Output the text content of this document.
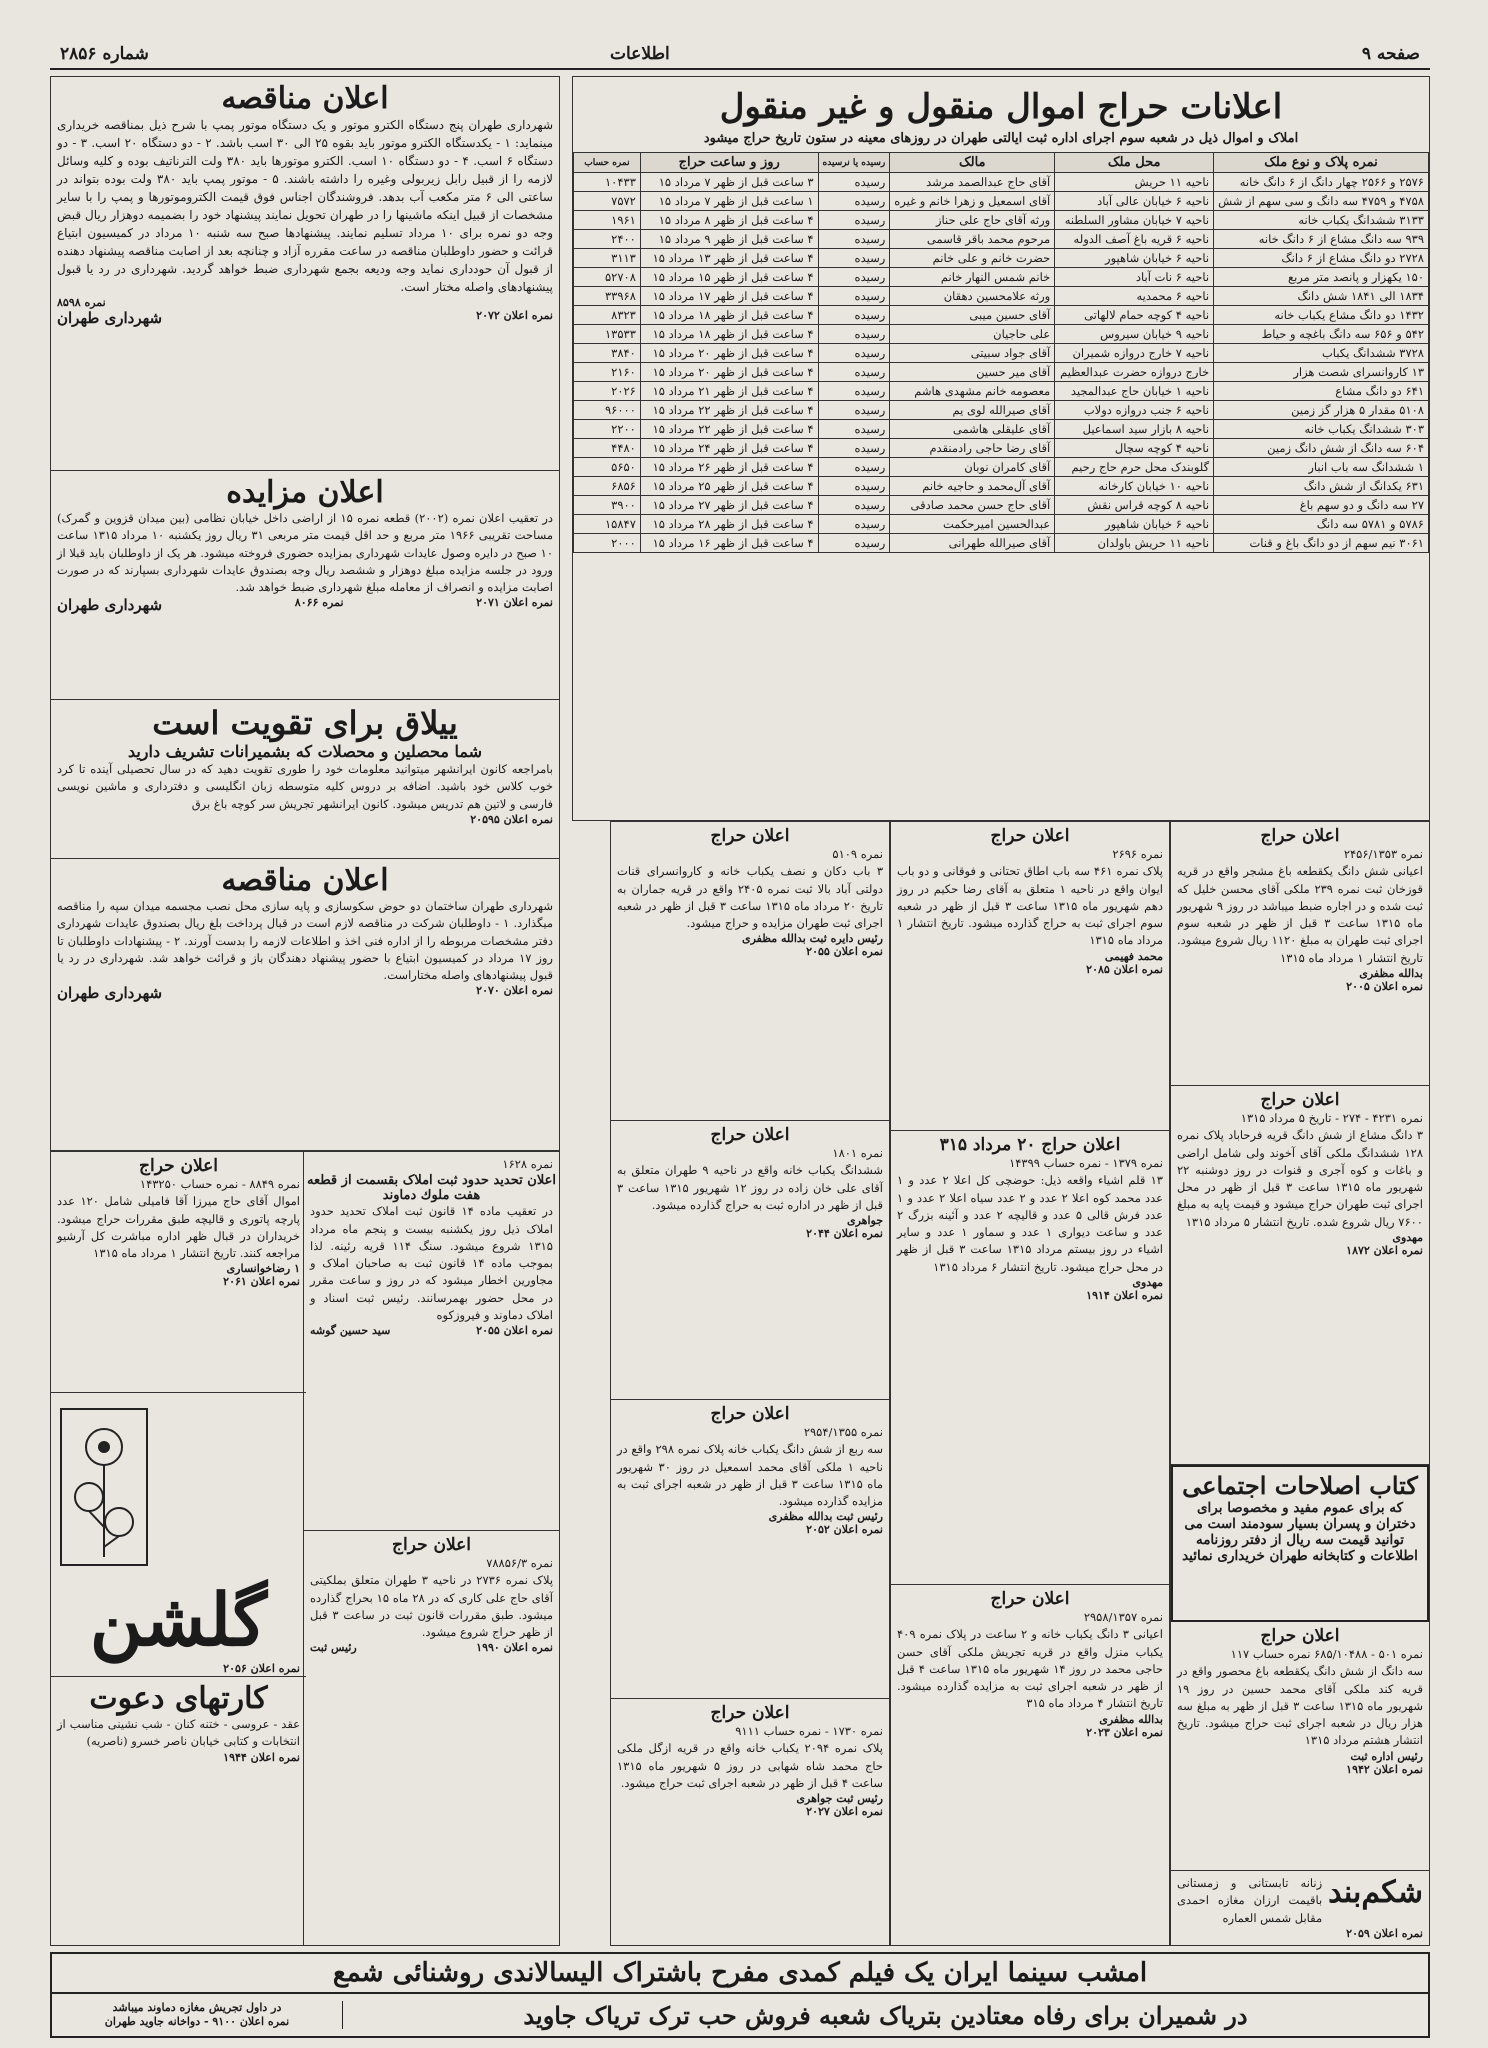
صفحه ۹
اطلاعات
شماره ۲۸۵۶
اعلانات حراج اموال منقول و غیر منقول
املاک و اموال ذیل در شعبه سوم اجرای اداره ثبت ایالتی طهران در روزهای معینه در ستون تاریخ حراج میشود
نمره پلاک و نوع ملک	محل ملک	مالک	رسیده یا نرسیده	روز و ساعت حراج	نمره حساب
۲۵۷۶ و ۲۵۶۶ چهار دانگ از ۶ دانگ خانه	ناحیه ۱۱ حریش	آقای حاج عبدالصمد مرشد	رسیده	۳ ساعت قبل از ظهر ۷ مرداد ۱۵	۱۰۴۳۳
۴۷۵۸ و ۴۷۵۹ سه دانگ و سی سهم از شش	ناحیه ۶ خیابان عالی آباد	آقای اسمعیل و زهرا خانم و غیره	رسیده	۱ ساعت قبل از ظهر ۷ مرداد ۱۵	۷۵۷۲
۳۱۳۳ ششدانگ یکباب خانه	ناحیه ۷ خیابان مشاور السلطنه	ورثه آقای حاج علی حناز	رسیده	۴ ساعت قبل از ظهر ۸ مرداد ۱۵	۱۹۶۱
۹۳۹ سه دانگ مشاع از ۶ دانگ خانه	ناحیه ۶ قریه باغ آصف الدوله	مرحوم محمد باقر قاسمی	رسیده	۴ ساعت قبل از ظهر ۹ مرداد ۱۵	۲۴۰۰
۲۷۲۸ دو دانگ مشاع از ۶ دانگ	ناحیه ۶ خیابان شاهپور	حضرت خانم و علی خانم	رسیده	۴ ساعت قبل از ظهر ۱۳ مرداد ۱۵	۳۱۱۳
۱۵۰ یکهزار و پانصد متر مربع	ناحیه ۶ نات آباد	خانم شمس النهار خانم	رسیده	۴ ساعت قبل از ظهر ۱۵ مرداد ۱۵	۵۲۷۰۸
۱۸۳۴ الی ۱۸۴۱ شش دانگ	ناحیه ۶ محمدیه	ورثه علامحسین دهقان	رسیده	۴ ساعت قبل از ظهر ۱۷ مرداد ۱۵	۳۳۹۶۸
۱۴۳۲ دو دانگ مشاع یکباب خانه	ناحیه ۴ کوچه حمام لالهاتی	آقای حسین میبی	رسیده	۴ ساعت قبل از ظهر ۱۸ مرداد ۱۵	۸۳۲۳
۵۴۲ و ۶۵۶ سه دانگ باغچه و حیاط	ناحیه ۹ خیابان سیروس	علی حاجیان	رسیده	۴ ساعت قبل از ظهر ۱۸ مرداد ۱۵	۱۳۵۳۳
۳۷۲۸ ششدانگ یکباب	ناحیه ۷ خارج دروازه شمیران	آقای جواد سبیتی	رسیده	۴ ساعت قبل از ظهر ۲۰ مرداد ۱۵	۳۸۴۰
۱۳ کاروانسرای شصت هزار	خارج دروازه حضرت عبدالعظیم	آقای میر حسین	رسیده	۴ ساعت قبل از ظهر ۲۰ مرداد ۱۵	۲۱۶۰
۶۴۱ دو دانگ مشاع	ناحیه ۱ خیابان حاج عبدالمجید	معصومه خانم مشهدی هاشم	رسیده	۴ ساعت قبل از ظهر ۲۱ مرداد ۱۵	۲۰۲۶
۵۱۰۸ مقدار ۵ هزار گز زمین	ناحیه ۶ جنب دروازه دولاب	آقای صیرالله لوی یم	رسیده	۴ ساعت قبل از ظهر ۲۲ مرداد ۱۵	۹۶۰۰۰
۳۰۳ ششدانگ یکباب خانه	ناحیه ۸ بازار سید اسماعیل	آقای علیقلی هاشمی	رسیده	۴ ساعت قبل از ظهر ۲۲ مرداد ۱۵	۲۲۰۰
۶۰۴ سه دانگ از شش دانگ زمین	ناحیه ۴ کوچه سچال	آقای رضا حاجی رادمنقدم	رسیده	۴ ساعت قبل از ظهر ۲۴ مرداد ۱۵	۴۴۸۰
۱ ششدانگ سه باب انبار	گلوبندک محل حرم حاج رحیم	آقای کامران نوبان	رسیده	۴ ساعت قبل از ظهر ۲۶ مرداد ۱۵	۵۶۵۰
۶۳۱ یکدانگ از شش دانگ	ناحیه ۱۰ خیابان کارخانه	آقای آل‌محمد و حاجیه خانم	رسیده	۴ ساعت قبل از ظهر ۲۵ مرداد ۱۵	۶۸۵۶
۲۷ سه دانگ و دو سهم باغ	ناحیه ۸ کوچه قراس نقش	آقای حاج حسن محمد صادقی	رسیده	۴ ساعت قبل از ظهر ۲۷ مرداد ۱۵	۳۹۰۰
۵۷۸۶ و ۵۷۸۱ سه دانگ	ناحیه ۶ خیابان شاهپور	عبدالحسین امیرحکمت	رسیده	۴ ساعت قبل از ظهر ۲۸ مرداد ۱۵	۱۵۸۴۷
۳۰۶۱ نیم سهم از دو دانگ باغ و قنات	ناحیه ۱۱ حریش باولدان	آقای صیرالله طهرانی	رسیده	۴ ساعت قبل از ظهر ۱۶ مرداد ۱۵	۲۰۰۰
اعلان مناقصه
شهرداری طهران پنج دستگاه الکترو موتور و یک دستگاه موتور پمپ با شرح ذیل بمناقصه خریداری مینماید: ۱ - یکدستگاه الکترو موتور باید بقوه ۲۵ الی ۳۰ اسب باشد. ۲ - دو دستگاه ۲۰ اسب. ۳ - دو دستگاه ۶ اسب. ۴ - دو دستگاه ۱۰ اسب. الکترو موتورها باید ۳۸۰ ولت الترناتیف بوده و کلیه وسائل لازمه را از قبیل رابل زیربولی وغیره را داشته باشند. ۵ - موتور پمپ باید ۳۸۰ ولت بوده بتواند در ساعتی الی ۶ متر مکعب آب بدهد. فروشندگان اجناس فوق قیمت الکتروموتورها و پمپ را با سایر مشخصات از قبیل اینکه ماشینها را در طهران تحویل نمایند پیشنهاد خود را بضمیمه دوهزار ریال قبض وجه دو نمره برای ۱۰ مرداد تسلیم نمایند. پیشنهادها صبح سه شنبه ۱۰ مرداد در کمیسیون ابتیاع قرائت و حضور داوطلبان مناقصه در ساعت مقرره آزاد و چنانچه بعد از اصابت مناقصه پیشنهاد دهنده از قبول آن حودداری نماید وجه ودیعه بجمع شهرداری ضبط خواهد گردید. شهرداری در رد یا قبول پیشنهادهای واصله مختار است.
نمره ۸۵۹۸
نمره اعلان ۲۰۷۲
شهرداری طهران
اعلان مزایده
در تعقیب اعلان نمره (۲۰۰۲) قطعه نمره ۱۵ از اراضی داخل خیابان نظامی (بین میدان قزوین و گمرک) مساحت تقریبی ۱۹۶۶ متر مربع و حد اقل قیمت متر مربعی ۳۱ ریال روز یکشنبه ۱۰ مرداد ۱۳۱۵ ساعت ۱۰ صبح در دایره وصول عایدات شهرداری بمزایده حضوری فروخته میشود. هر یک از داوطلبان باید قبلا از ورود در جلسه مزایده مبلغ دوهزار و ششصد ریال وجه بصندوق عایدات شهرداری بسپارند که در صورت اصابت مزایده و انصراف از معامله مبلغ شهرداری ضبط خواهد شد.
نمره اعلان ۲۰۷۱
نمره ۸۰۶۶
شهرداری طهران
ییلاق برای تقویت است
شما محصلین و محصلات که بشمیرانات تشریف دارید
بامراجعه کانون ایرانشهر میتوانید معلومات خود را طوری تقویت دهید که در سال تحصیلی آینده تا کرد خوب کلاس خود باشید. اضافه بر دروس کلیه متوسطه زبان انگلیسی و دفترداری و ماشین نویسی فارسی و لاتین هم تدریس میشود. کانون ایرانشهر تجریش سر کوچه باغ برق
نمره اعلان ۲۰۵۹۵
اعلان مناقصه
شهرداری طهران ساختمان دو حوض سکوسازی و پایه سازی محل نصب مجسمه میدان سپه را مناقصه میگذارد. ۱ - داوطلبان شرکت در مناقصه لازم است در قبال پرداخت بلغ ریال بصندوق عایدات شهرداری دفتر مشخصات مربوطه را از اداره فنی اخذ و اطلاعات لازمه را بدست آورند. ۲ - پیشنهادات داوطلبان تا روز ۱۷ مرداد در کمیسیون ابتیاع با حضور پیشنهاد دهندگان باز و قرائت خواهد شد. شهرداری در رد یا قبول پیشنهادهای واصله مختاراست.
نمره اعلان ۲۰۷۰
شهرداری طهران
نمره ۱۶۲۸
اعلان تحدید حدود ثبت املاک بقسمت از قطعه هفت ملوك دماوند
در تعقیب ماده ۱۴ قانون ثبت املاک تحدید حدود املاک ذیل روز یکشنبه بیست و پنجم ماه مرداد ۱۳۱۵ شروع میشود. سنگ ۱۱۴ قریه رئینه. لذا بموجب ماده ۱۴ قانون ثبت به صاحبان املاک و مجاورین اخطار میشود که در روز و ساعت مقرر در محل حضور بهمرسانند. رئیس ثبت اسناد و املاک دماوند و فیروزکوه
نمره اعلان ۲۰۵۵
سید حسین گوشه
اعلان حراج
نمره ۷۸۸۵۶/۳
پلاک نمره ۲۷۳۶ در ناحیه ۳ طهران متعلق بملکیتی آقای حاج علی کاری که در ۲۸ ماه ۱۵ بحراج گذارده میشود. طبق مقررات قانون ثبت در ساعت ۳ قبل از ظهر حراج شروع میشود.
نمره اعلان ۱۹۹۰
رئیس ثبت
اعلان حراج
نمره ۸۸۴۹ - نمره حساب ۱۴۳۲۵۰
اموال آقای حاج میرزا آقا فامیلی شامل ۱۲۰ عدد پارچه پاتوری و قالیچه طبق مقررات حراج میشود. خریداران در قبال ظهر اداره مباشرت کل آرشیو مراجعه کنند. تاریخ انتشار ۱ مرداد ماه ۱۳۱۵
۱ رضاخوانساری
نمره اعلان ۲۰۶۱
گلشن
نمره اعلان ۲۰۵۶
کارتهای دعوت
عقد - عروسی - ختنه کنان - شب نشینی مناسب از انتخابات و کتابی خیابان ناصر خسرو (ناصریه)
نمره اعلان ۱۹۴۴
اعلان حراج
نمره ۵۱۰۹
۳ باب دکان و نصف یکباب خانه و کاروانسرای قنات دولتی آباد بالا ثبت نمره ۲۴۰۵ واقع در قریه جماران به تاریخ ۲۰ مرداد ماه ۱۳۱۵ ساعت ۳ قبل از ظهر در شعبه اجرای ثبت طهران مزایده و حراج میشود.
رئیس دایره ثبت بدالله مظفری
نمره اعلان ۲۰۵۵
اعلان حراج
نمره ۱۸۰۱
ششدانگ یکباب خانه واقع در ناحیه ۹ طهران متعلق به آقای علی خان زاده در روز ۱۲ شهریور ۱۳۱۵ ساعت ۳ قبل از ظهر در اداره ثبت به حراج گذارده میشود.
جواهری
نمره اعلان ۲۰۴۴
اعلان حراج
نمره ۲۹۵۴/۱۳۵۵
سه ربع از شش دانگ یکباب خانه پلاک نمره ۲۹۸ واقع در ناحیه ۱ ملکی آقای محمد اسمعیل در روز ۳۰ شهریور ماه ۱۳۱۵ ساعت ۳ قبل از ظهر در شعبه اجرای ثبت به مزایده گذارده میشود.
رئیس ثبت بدالله مظفری
نمره اعلان ۲۰۵۲
اعلان حراج
نمره ۱۷۳۰ - نمره حساب ۹۱۱۱
پلاک نمره ۲۰۹۴ یکباب خانه واقع در قریه ازگل ملکی حاج محمد شاه شهابی در روز ۵ شهریور ماه ۱۳۱۵ ساعت ۴ قبل از ظهر در شعبه اجرای ثبت حراج میشود.
رئیس ثبت جواهری
نمره اعلان ۲۰۲۷
اعلان حراج
نمره ۲۶۹۶
پلاک نمره ۴۶۱ سه باب اطاق تحتانی و فوقانی و دو باب ایوان واقع در ناحیه ۱ متعلق به آقای رضا حکیم در روز دهم شهریور ماه ۱۳۱۵ ساعت ۳ قبل از ظهر در شعبه سوم اجرای ثبت به حراج گذارده میشود. تاریخ انتشار ۱ مرداد ماه ۱۳۱۵
محمد فهیمی
نمره اعلان ۲۰۸۵
اعلان حراج ۲۰ مرداد ۳۱۵
نمره ۱۳۷۹ - نمره حساب ۱۴۳۹۹
۱۳ قلم اشیاء واقعه ذیل: حوضچی کل اعلا ۲ عدد و ۱ عدد محمد کوه اعلا ۲ عدد و ۲ عدد سیاه اعلا ۲ عدد و ۱ عدد فرش قالی ۵ عدد و قالیچه ۲ عدد و آئینه بزرگ ۲ عدد و ساعت دیواری ۱ عدد و سماور ۱ عدد و سایر اشیاء در روز بیستم مرداد ۱۳۱۵ ساعت ۳ قبل از ظهر در محل حراج میشود. تاریخ انتشار ۶ مرداد ۱۳۱۵
مهدوی
نمره اعلان ۱۹۱۴
اعلان حراج
نمره ۲۹۵۸/۱۳۵۷
اعیانی ۳ دانگ یکباب خانه و ۲ ساعت در پلاک نمره ۴۰۹ یکباب منزل واقع در قریه تجریش ملکی آقای حسن حاجی محمد در روز ۱۴ شهریور ماه ۱۳۱۵ ساعت ۴ قبل از ظهر در شعبه اجرای ثبت به مزایده گذارده میشود. تاریخ انتشار ۴ مرداد ماه ۳۱۵
بدالله مظفری
نمره اعلان ۲۰۲۳
اعلان حراج
نمره ۲۴۵۶/۱۳۵۳
اعیانی شش دانگ یکقطعه باغ مشجر واقع در قریه قوزخان ثبت نمره ۲۳۹ ملکی آقای محسن خلیل که ثبت شده و در اجاره ضبط میباشد در روز ۹ شهریور ماه ۱۳۱۵ ساعت ۳ قبل از ظهر در شعبه سوم اجرای ثبت طهران به مبلغ ۱۱۲۰ ریال شروع میشود. تاریخ انتشار ۱ مرداد ماه ۱۳۱۵
بدالله مظفری
نمره اعلان ۲۰۰۵
اعلان حراج
نمره ۴۲۳۱ - ۲۷۴ - تاریخ ۵ مرداد ۱۳۱۵
۳ دانگ مشاع از شش دانگ قریه فرحاباد پلاک نمره ۱۲۸ ششدانگ ملکی آقای آخوند ولی شامل اراضی و باغات و کوه آجری و قنوات در روز دوشنبه ۲۲ شهریور ماه ۱۳۱۵ ساعت ۳ قبل از ظهر در محل اجرای ثبت طهران حراج میشود و قیمت پایه به مبلغ ۷۶۰۰ ریال شروع شده. تاریخ انتشار ۵ مرداد ۱۳۱۵
مهدوی
نمره اعلان ۱۸۷۲
کتاب اصلاحات اجتماعی
که برای عموم مفید و مخصوصا برای
دختران و پسران بسیار سودمند است می
توانید قیمت سه ریال از دفتر روزنامه
اطلاعات و کتابخانه طهران خریداری نمائید
اعلان حراج
نمره ۵۰۱ - ۶۸۵/۱۰۴۸۸ نمره حساب ۱۱۷
سه دانگ از شش دانگ یکقطعه باغ محصور واقع در قریه کند ملکی آقای محمد حسین در روز ۱۹ شهریور ماه ۱۳۱۵ ساعت ۳ قبل از ظهر به مبلغ سه هزار ریال در شعبه اجرای ثبت حراج میشود. تاریخ انتشار هشتم مرداد ۱۳۱۵
رئیس اداره ثبت
نمره اعلان ۱۹۴۲
شکم‌بند
زنانه تابستانی و زمستانی باقیمت ارزان مغازه احمدی مقابل شمس العماره
نمره اعلان ۲۰۵۹
امشب سینما ایران یک فیلم کمدی مفرح باشتراک الیسالاندی روشنائی شمع
در شمیران برای رفاه معتادین بتریاک شعبه فروش حب ترک تریاک جاوید
در داول تجریش مغازه دماوند میباشد
نمره اعلان ۹۱۰۰ - دواخانه جاوید طهران
